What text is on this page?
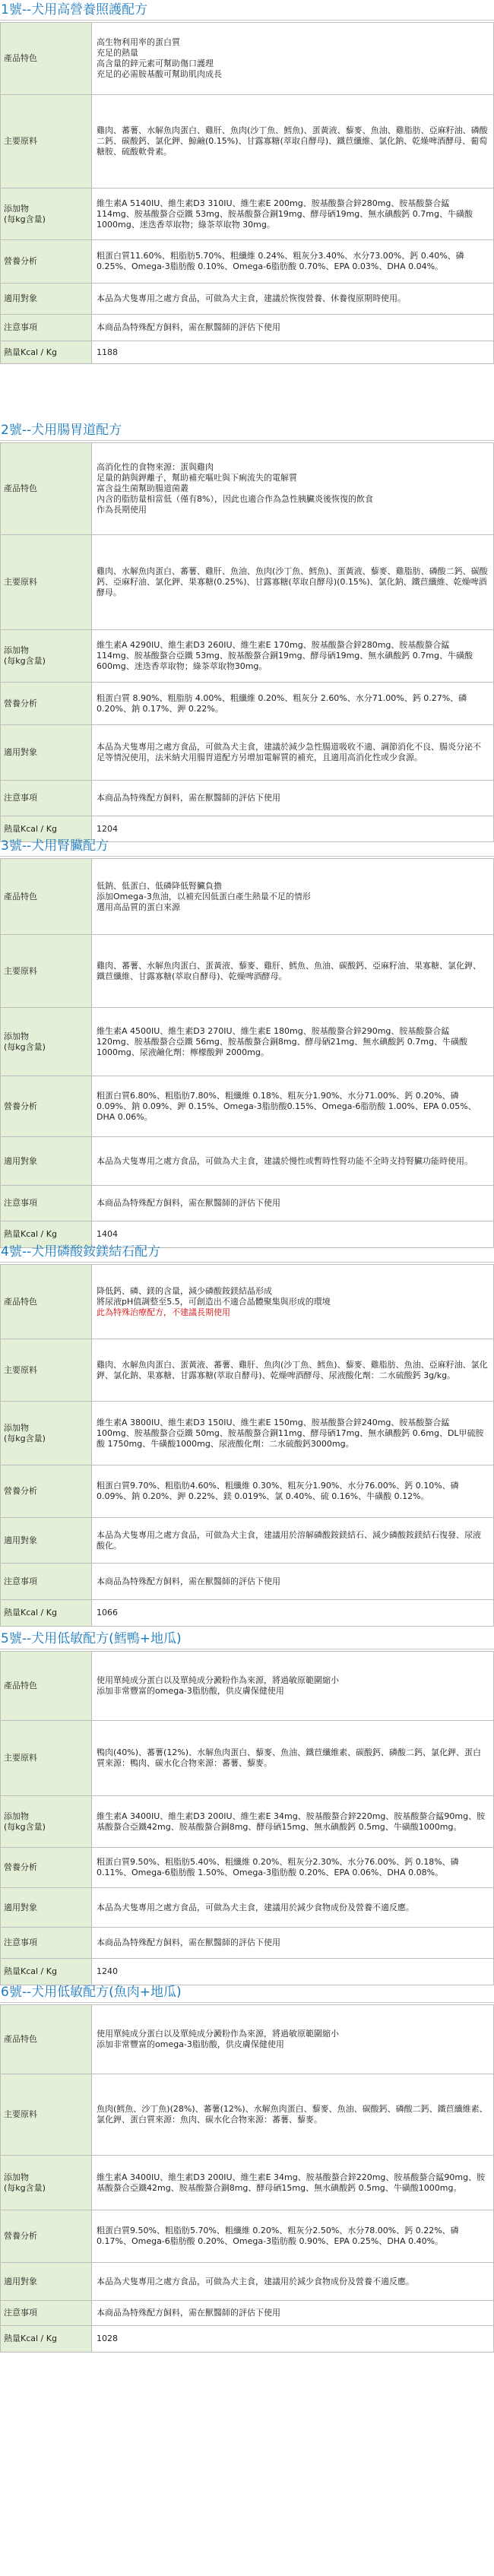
1號--犬用高營養照護配方
產品特色	高生物利用率的蛋白質
充足的熱量
高含量的鋅元素可幫助傷口護理
充足的必需胺基酸可幫助肌肉成長

主要原料	雞肉、蕃薯、水解魚肉蛋白、雞肝、魚肉(沙丁魚、鱈魚)、蛋黃液、藜麥、魚油、雞脂肪、亞麻籽油、磷酸二鈣、碳酸鈣、氯化鉀、鯨鹼(0.15%)、甘露寡糖(萃取自酵母)、鐵苣纖維、氯化鈉、乾燥啤酒酵母、葡萄糖胺、硫酸軟骨素。

添加物
(每kg含量)	維生素A 5140IU、維生素D3 310IU、維生素E 200mg、胺基酸螯合鋅280mg、胺基酸螯合錳 114mg、胺基酸螯合亞鐵 53mg、胺基酸螯合銅19mg、酵母硒19mg、無水碘酸鈣 0.7mg、牛磺酸1000mg、迷迭香萃取物；綠茶萃取物 30mg。

營養分析	粗蛋白質11.60%、粗脂肪5.70%、粗纖維 0.24%、粗灰分3.40%、水分73.00%、鈣 0.40%、磷 0.25%、Omega-3脂肪酸 0.10%、Omega-6脂肪酸 0.70%、EPA 0.03%、DHA 0.04%。

適用對象	本品為犬隻專用之處方食品，可做為犬主食，建議於恢復營養、休養復原期時使用。

注意事項	本商品為特殊配方飼料，需在獸醫師的評估下使用

熱量Kcal / Kg	1188
2號--犬用腸胃道配方
產品特色	高消化性的食物來源：蛋與雞肉
足量的鈉與鉀離子，幫助補充嘔吐與下痢流失的電解質
富含益生菌幫助腸道菌叢
內含的脂肪量相當低（僅有8%），因此也適合作為急性胰臟炎後恢復的飲食
作為長期使用

主要原料	雞肉、水解魚肉蛋白、蕃薯、雞肝、魚油、魚肉(沙丁魚、鱈魚)、蛋黃液、藜麥、雞脂肪、磷酸二鈣、碳酸鈣、亞麻籽油、氯化鉀、果寡糖(0.25%)、甘露寡糖(萃取自酵母)(0.15%)、氯化鈉、鐵苣纖維、乾燥啤酒酵母。

添加物
(每kg含量)	維生素A 4290IU、維生素D3 260IU、維生素E 170mg、胺基酸螯合鋅280mg、胺基酸螯合錳 114mg、胺基酸螯合亞鐵 53mg、胺基酸螯合銅19mg、酵母硒19mg、無水碘酸鈣 0.7mg、牛磺酸 600mg、迷迭香萃取物；綠茶萃取物30mg。

營養分析	粗蛋白質 8.90%、粗脂肪 4.00%、粗纖維 0.20%、粗灰分 2.60%、水分71.00%、鈣 0.27%、磷 0.20%、鈉 0.17%、鉀 0.22%。

適用對象	本品為犬隻專用之處方食品，可做為犬主食，建議於減少急性腸道吸收不適、調節消化不良、腸炎分泌不足等情況使用，法米納犬用腸胃道配方另增加電解質的補充，且適用高消化性或少食源。

注意事項	本商品為特殊配方飼料，需在獸醫師的評估下使用

熱量Kcal / Kg	1204
3號--犬用腎臟配方
產品特色	低鈉、低蛋白、低磷降低腎臟負擔
添加Omega-3魚油，以補充因低蛋白產生熱量不足的情形
選用高品質的蛋白來源

主要原料	雞肉、蕃薯、水解魚肉蛋白、蛋黃液、藜麥、雞肝、鱈魚、魚油、碳酸鈣、亞麻籽油、果寡糖、氯化鉀、鐵苣纖維、甘露寡糖(萃取自酵母)、乾燥啤酒酵母。

添加物
(每kg含量)	維生素A 4500IU、維生素D3 270IU、維生素E 180mg、胺基酸螯合鋅290mg、胺基酸螯合錳 120mg、胺基酸螯合亞鐵 56mg、胺基酸螯合銅8mg、酵母硒21mg、無水碘酸鈣 0.7mg、牛磺酸1000mg、尿液鹼化劑：檸檬酸鉀 2000mg。

營養分析	粗蛋白質6.80%、粗脂肪7.80%、粗纖維 0.18%、粗灰分1.90%、水分71.00%、鈣 0.20%、磷 0.09%、鈉 0.09%、鉀 0.15%、Omega-3脂肪酸0.15%、Omega-6脂肪酸 1.00%、EPA 0.05%、DHA 0.06%。

適用對象	本品為犬隻專用之處方食品，可做為犬主食，建議於慢性或暫時性腎功能不全時支持腎臟功能時使用。

注意事項	本商品為特殊配方飼料，需在獸醫師的評估下使用

熱量Kcal / Kg	1404
4號--犬用磷酸銨鎂結石配方
產品特色	降低鈣、磷、鎂的含量，減少磷酸銨鎂結晶形成
將尿液pH值調整至5.5，可創造出不適合晶體聚集與形成的環境
此為特殊治療配方，不建議長期使用

主要原料	雞肉、水解魚肉蛋白、蛋黃液、蕃薯、雞肝、魚肉(沙丁魚、鱈魚)、藜麥、雞脂肪、魚油、亞麻籽油、氯化鉀、氯化鈉、果寡糖、甘露寡糖(萃取自酵母)、乾燥啤酒酵母、尿液酸化劑：二水硫酸鈣 3g/kg。

添加物
(每kg含量)	維生素A 3800IU、維生素D3 150IU、維生素E 150mg、胺基酸螯合鋅240mg、胺基酸螯合錳 100mg、胺基酸螯合亞鐵 50mg、胺基酸螯合銅11mg、酵母硒17mg、無水碘酸鈣 0.6mg、DL甲硫胺酸 1750mg、牛磺酸1000mg、尿液酸化劑：二水硫酸鈣3000mg。

營養分析	粗蛋白質9.70%、粗脂肪4.60%、粗纖維 0.30%、粗灰分1.90%、水分76.00%、鈣 0.10%、磷 0.09%、鈉 0.20%、鉀 0.22%、鎂 0.019%、氯 0.40%、硫 0.16%、牛磺酸 0.12%。

適用對象	本品為犬隻專用之處方食品，可做為犬主食，建議用於溶解磷酸銨鎂結石、減少磷酸銨鎂結石復發、尿液酸化。

注意事項	本商品為特殊配方飼料，需在獸醫師的評估下使用

熱量Kcal / Kg	1066
5號--犬用低敏配方(鱈鴨+地瓜)
產品特色	使用單純成分蛋白以及單純成分澱粉作為來源，將過敏原範圍縮小
添加非常豐富的omega-3脂肪酸，供皮膚保健使用

主要原料	鴨肉(40%)、蕃薯(12%)、水解魚肉蛋白、藜麥、魚油、鐵苣纖維素、碳酸鈣、磷酸二鈣、氯化鉀、蛋白質來源：鴨肉、碳水化合物來源：蕃薯、藜麥。

添加物
(每kg含量)	維生素A 3400IU、維生素D3 200IU、維生素E 34mg、胺基酸螯合鋅220mg、胺基酸螯合錳90mg、胺基酸螯合亞鐵42mg、胺基酸螯合銅8mg、酵母硒15mg、無水碘酸鈣 0.5mg、牛磺酸1000mg。

營養分析	粗蛋白質9.50%、粗脂肪5.40%、粗纖維 0.20%、粗灰分2.30%、水分76.00%、鈣 0.18%、磷 0.11%、Omega-6脂肪酸 1.50%、Omega-3脂肪酸 0.20%、EPA 0.06%、DHA 0.08%。

適用對象	本品為犬隻專用之處方食品，可做為犬主食，建議用於減少食物成份及營養不適反應。

注意事項	本商品為特殊配方飼料，需在獸醫師的評估下使用

熱量Kcal / Kg	1240
6號--犬用低敏配方(魚肉+地瓜)
產品特色	使用單純成分蛋白以及單純成分澱粉作為來源，將過敏原範圍縮小
添加非常豐富的omega-3脂肪酸，供皮膚保健使用

主要原料	魚肉(鱈魚、沙丁魚)(28%)、蕃薯(12%)、水解魚肉蛋白、藜麥、魚油、碳酸鈣、磷酸二鈣、鐵苣纖維素、氯化鉀、蛋白質來源：魚肉、碳水化合物來源：蕃薯、藜麥。

添加物
(每kg含量)	維生素A 3400IU、維生素D3 200IU、維生素E 34mg、胺基酸螯合鋅220mg、胺基酸螯合錳90mg、胺基酸螯合亞鐵42mg、胺基酸螯合銅8mg、酵母硒15mg、無水碘酸鈣 0.5mg、牛磺酸1000mg。

營養分析	粗蛋白質9.50%、粗脂肪5.70%、粗纖維 0.20%、粗灰分2.50%、水分78.00%、鈣 0.22%、磷 0.17%、Omega-6脂肪酸 0.20%、Omega-3脂肪酸 0.90%、EPA 0.25%、DHA 0.40%。

適用對象	本品為犬隻專用之處方食品，可做為犬主食，建議用於減少食物成份及營養不適反應。

注意事項	本商品為特殊配方飼料，需在獸醫師的評估下使用

熱量Kcal / Kg	1028
